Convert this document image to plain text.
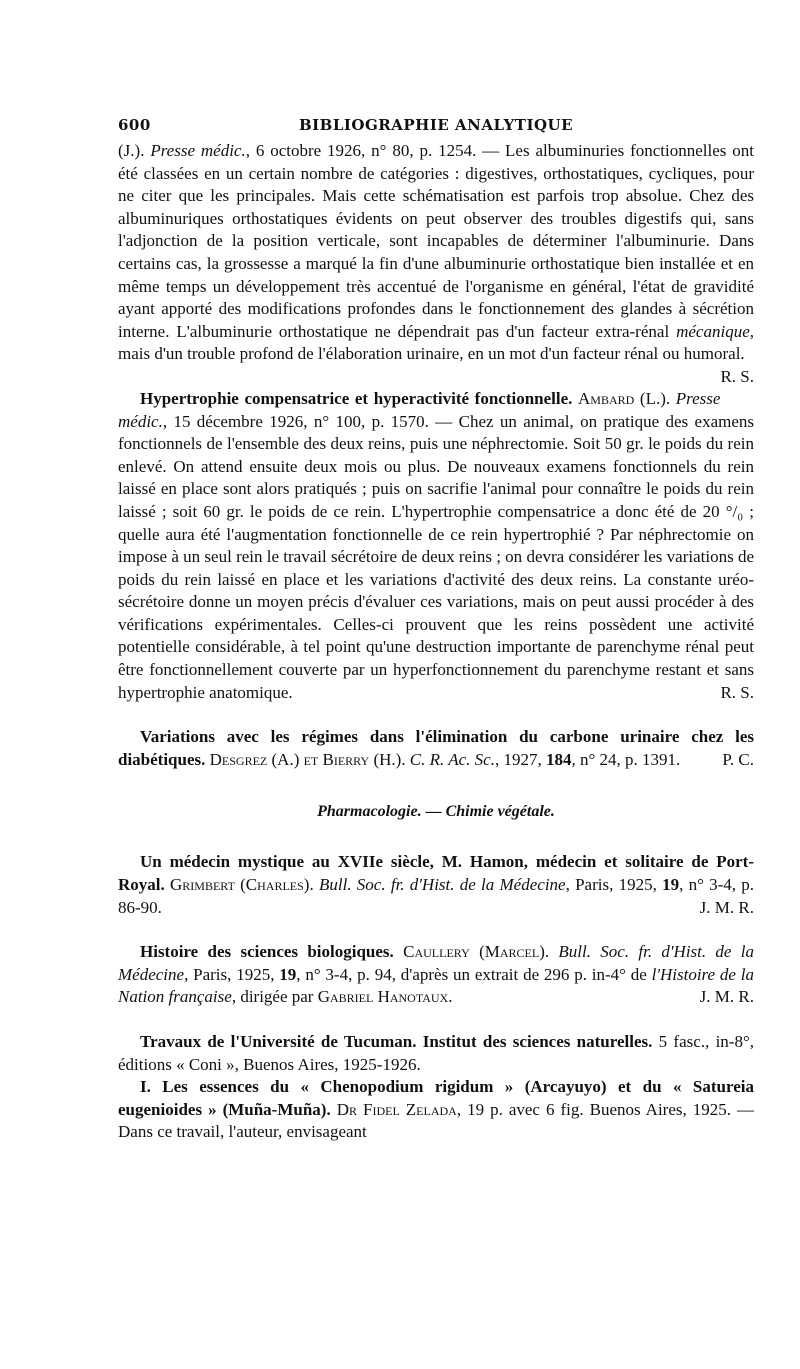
600	BIBLIOGRAPHIE ANALYTIQUE

(J.). Presse médic., 6 octobre 1926, n° 80, p. 1254. — Les albuminuries fonctionnelles ont été classées en un certain nombre de catégories : digestives, orthostatiques, cycliques, pour ne citer que les principales. Mais cette schématisation est parfois trop absolue. Chez des albuminuriques orthostatiques évidents on peut observer des troubles digestifs qui, sans l'adjonction de la position verticale, sont incapables de déterminer l'albuminurie. Dans certains cas, la grossesse a marqué la fin d'une albuminurie orthostatique bien installée et en même temps un développement très accentué de l'organisme en général, l'état de gravidité ayant apporté des modifications profondes dans le fonctionnement des glandes à sécrétion interne. L'albuminurie orthostatique ne dépendrait pas d'un facteur extra-rénal mécanique, mais d'un trouble profond de l'élaboration urinaire, en un mot d'un facteur rénal ou humoral.
R. S.

Hypertrophie compensatrice et hyperactivité fonctionnelle. Ambard (L.). Presse médic., 15 décembre 1926, n° 100, p. 1570. — Chez un animal, on pratique des examens fonctionnels de l'ensemble des deux reins, puis une néphrectomie. Soit 50 gr. le poids du rein enlevé. On attend ensuite deux mois ou plus. De nouveaux examens fonctionnels du rein laissé en place sont alors pratiqués ; puis on sacrifie l'animal pour connaître le poids du rein laissé ; soit 60 gr. le poids de ce rein. L'hypertrophie compensatrice a donc été de 20 °/₀ ; quelle aura été l'augmentation fonctionnelle de ce rein hypertrophié ? Par néphrectomie on impose à un seul rein le travail sécrétoire de deux reins ; on devra considérer les variations de poids du rein laissé en place et les variations d'activité des deux reins. La constante uréo-sécrétoire donne un moyen précis d'évaluer ces variations, mais on peut aussi procéder à des vérifications expérimentales. Celles-ci prouvent que les reins possèdent une activité potentielle considérable, à tel point qu'une destruction importante de parenchyme rénal peut être fonctionnellement couverte par un hyperfonctionnement du parenchyme restant et sans hypertrophie anatomique.	R. S.

Variations avec les régimes dans l'élimination du carbone urinaire chez les diabétiques. Desgrez (A.) et Bierry (H.). C. R. Ac. Sc., 1927, 184, n° 24, p. 1391.	P. C.

Pharmacologie. — Chimie végétale.

Un médecin mystique au XVIIe siècle, M. Hamon, médecin et solitaire de Port-Royal. Grimbert (Charles). Bull. Soc. fr. d'Hist. de la Médecine, Paris, 1925, 19, n° 3-4, p. 86-90.	J. M. R.

Histoire des sciences biologiques. Caullery (Marcel). Bull. Soc. fr. d'Hist. de la Médecine, Paris, 1925, 19, n° 3-4, p. 94, d'après un extrait de 296 p. in-4° de l'Histoire de la Nation française, dirigée par Gabriel Hanotaux.	J. M. R.

Travaux de l'Université de Tucuman. Institut des sciences naturelles. 5 fasc., in-8°, éditions « Coni », Buenos Aires, 1925-1926.

I. Les essences du « Chenopodium rigidum » (Arcayuyo) et du « Satureia eugenioides » (Muña-Muña). Dr Fidel Zelada, 19 p. avec 6 fig. Buenos Aires, 1925. — Dans ce travail, l'auteur, envisageant
